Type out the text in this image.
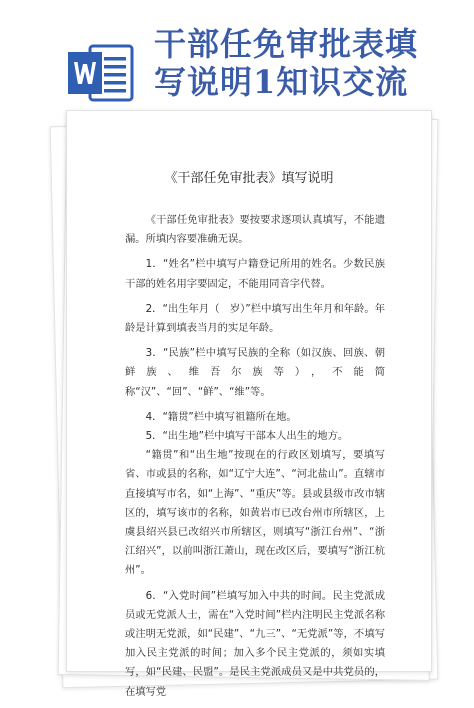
干部任免审批表填
写说明1知识交流
《干部任免审批表》填写说明

《干部任免审批表》要按要求逐项认真填写，不能遗漏。所填内容要准确无误。

1．“姓名”栏中填写户籍登记所用的姓名。少数民族干部的姓名用字要固定，不能用同音字代替。

2．“出生年月（　岁）”栏中填写出生年月和年龄。年龄是计算到填表当月的实足年龄。

3．“民族”栏中填写民族的全称（如汉族、回族、朝鲜族、维吾尔族等），不能简称“汉”、“回”、“鲜”、“维”等。

4．“籍贯”栏中填写祖籍所在地。

5．“出生地”栏中填写干部本人出生的地方。

“籍贯”和“出生地”按现在的行政区划填写，要填写省、市或县的名称，如“辽宁大连”、“河北盐山”。直辖市直接填写市名，如“上海”、“重庆”等。县或县级市改市辖区的，填写该市的名称，如黄岩市已改台州市所辖区，上虞县绍兴县已改绍兴市所辖区，则填写“浙江台州”、“浙江绍兴”，以前叫浙江萧山，现在改区后，要填写“浙江杭州”。

6．“入党时间”栏填写加入中共的时间。民主党派成员或无党派人士，需在“入党时间”栏内注明民主党派名称或注明无党派，如“民建”、“九三”、“无党派”等，不填写加入民主党派的时间；加入多个民主党派的，须如实填写，如“民建、民盟”。是民主党派成员又是中共党员的，在填写党
